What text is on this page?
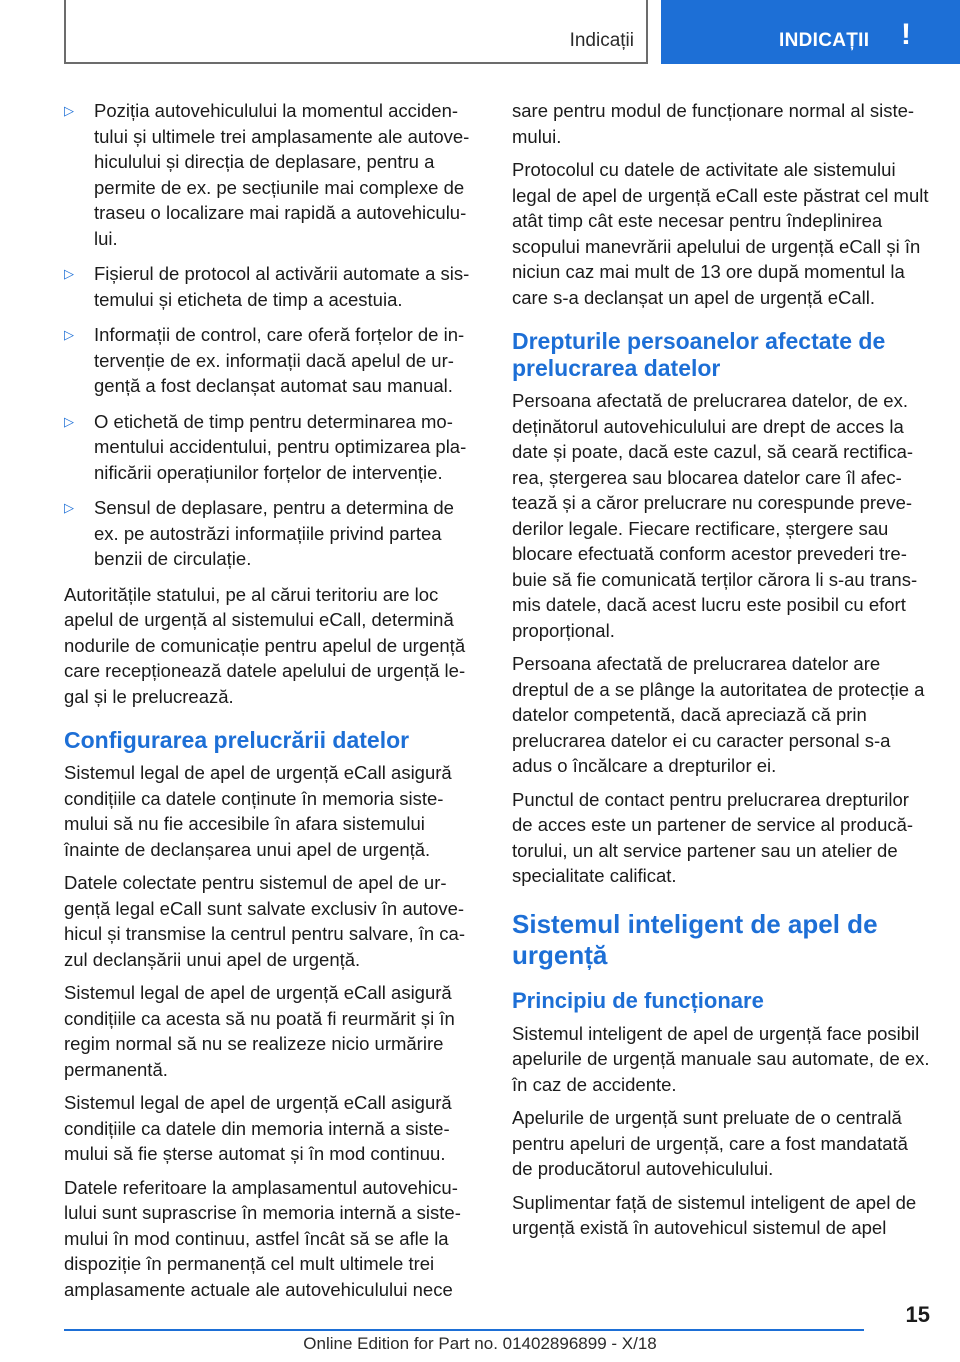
Indicații	INDICAȚII !
▷ Poziția autovehiculului la momentul accidentului și ultimele trei amplasamente ale autovehiculului și direcția de deplasare, pentru a permite de ex. pe secțiunile mai complexe de traseu o localizare mai rapidă a autovehiculului.
▷ Fișierul de protocol al activării automate a sistemului și eticheta de timp a acestuia.
▷ Informații de control, care oferă forțelor de intervenție de ex. informații dacă apelul de urgență a fost declanșat automat sau manual.
▷ O etichetă de timp pentru determinarea momentului accidentului, pentru optimizarea planificării operațiunilor forțelor de intervenție.
▷ Sensul de deplasare, pentru a determina de ex. pe autostrăzi informațiile privind partea benzii de circulație.

Autoritățile statului, pe al cărui teritoriu are loc apelul de urgență al sistemului eCall, determină nodurile de comunicație pentru apelul de urgență care recepționează datele apelului de urgență legal și le prelucrează.

Configurarea prelucrării datelor

Sistemul legal de apel de urgență eCall asigură condițiile ca datele conținute în memoria sistemului să nu fie accesibile în afara sistemului înainte de declanșarea unui apel de urgență.

Datele colectate pentru sistemul de apel de urgență legal eCall sunt salvate exclusiv în autovehicul și transmise la centrul pentru salvare, în cazul declanșării unui apel de urgență.

Sistemul legal de apel de urgență eCall asigură condițiile ca acesta să nu poată fi reurmărit și în regim normal să nu se realizeze nicio urmărire permanentă.

Sistemul legal de apel de urgență eCall asigură condițiile ca datele din memoria internă a sistemului să fie șterse automat și în mod continuu.

Datele referitoare la amplasamentul autovehiculului sunt suprascrise în memoria internă a sistemului în mod continuu, astfel încât să se afle la dispoziție în permanență cel mult ultimele trei amplasamente actuale ale autovehiculului nece

sare pentru modul de funcționare normal al sistemului.

Protocolul cu datele de activitate ale sistemului legal de apel de urgență eCall este păstrat cel mult atât timp cât este necesar pentru îndeplinirea scopului manevrării apelului de urgență eCall și în niciun caz mai mult de 13 ore după momentul la care s-a declanșat un apel de urgență eCall.

Drepturile persoanelor afectate de prelucrarea datelor

Persoana afectată de prelucrarea datelor, de ex. deținătorul autovehiculului are drept de acces la date și poate, dacă este cazul, să ceară rectificarea, ștergerea sau blocarea datelor care îl afectează și a căror prelucrare nu corespunde prevederilor legale. Fiecare rectificare, ștergere sau blocare efectuată conform acestor prevederi trebuie să fie comunicată terților cărora li s-au transmis datele, dacă acest lucru este posibil cu efort proporțional.

Persoana afectată de prelucrarea datelor are dreptul de a se plânge la autoritatea de protecție a datelor competentă, dacă apreciază că prin prelucrarea datelor ei cu caracter personal s-a adus o încălcare a drepturilor ei.

Punctul de contact pentru prelucrarea drepturilor de acces este un partener de service al producătorului, un alt service partener sau un atelier de specialitate calificat.

Sistemul inteligent de apel de urgență
Principiu de funcționare

Sistemul inteligent de apel de urgență face posibil apelurile de urgență manuale sau automate, de ex. în caz de accidente.

Apelurile de urgență sunt preluate de o centrală pentru apeluri de urgență, care a fost mandatată de producătorul autovehiculului.

Suplimentar față de sistemul inteligent de apel de urgență există în autovehicul sistemul de apel

15
Online Edition for Part no. 01402896899 - X/18
